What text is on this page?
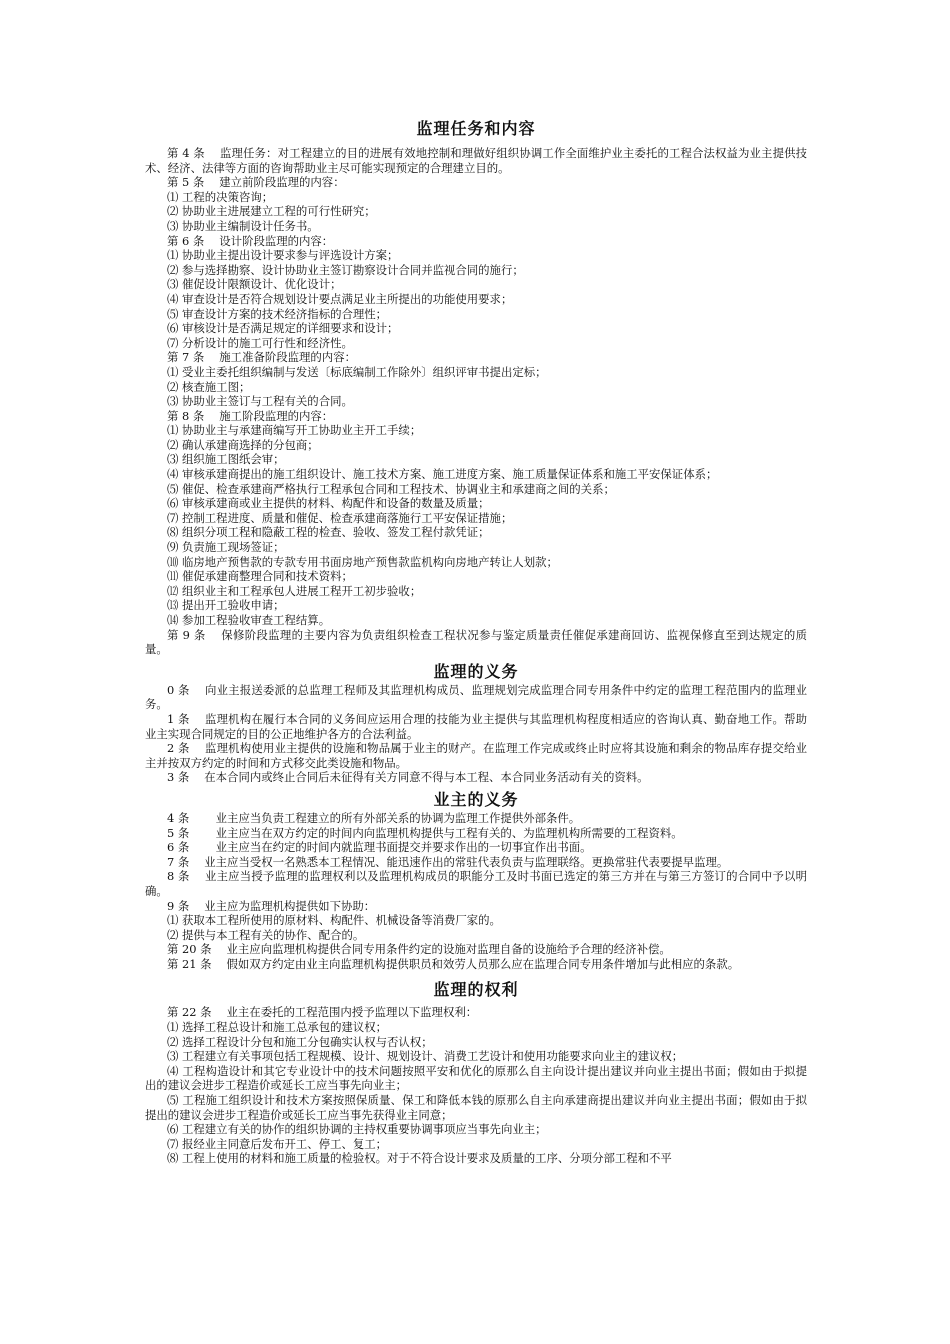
监理任务和内容

第 4 条　 监理任务：对工程建立的目的进展有效地控制和理做好组织协调工作全面维护业主委托的工程合法权益为业主提供技术、经济、法律等方面的咨询帮助业主尽可能实现预定的合理建立目的。

第 5 条　 建立前阶段监理的内容：

⑴ 工程的决策咨询；

⑵ 协助业主进展建立工程的可行性研究；

⑶ 协助业主编制设计任务书。

第 6 条　 设计阶段监理的内容：

⑴ 协助业主提出设计要求参与评选设计方案；

⑵ 参与选择勘察、设计协助业主签订勘察设计合同并监视合同的施行；

⑶ 催促设计限额设计、优化设计；

⑷ 审查设计是否符合规划设计要点满足业主所提出的功能使用要求；

⑸ 审查设计方案的技术经济指标的合理性；

⑹ 审核设计是否满足规定的详细要求和设计；

⑺ 分析设计的施工可行性和经济性。

第 7 条　 施工准备阶段监理的内容：

⑴ 受业主委托组织编制与发送〔标底编制工作除外〕组织评审书提出定标；

⑵ 核查施工图；

⑶ 协助业主签订与工程有关的合同。

第 8 条　 施工阶段监理的内容：

⑴ 协助业主与承建商编写开工协助业主开工手续；

⑵ 确认承建商选择的分包商；

⑶ 组织施工图纸会审；

⑷ 审核承建商提出的施工组织设计、施工技术方案、施工进度方案、施工质量保证体系和施工平安保证体系；

⑸ 催促、检查承建商严格执行工程承包合同和工程技术、协调业主和承建商之间的关系；

⑹ 审核承建商或业主提供的材料、构配件和设备的数量及质量；

⑺ 控制工程进度、质量和催促、检查承建商落施行工平安保证措施；

⑻ 组织分项工程和隐蔽工程的检查、验收、签发工程付款凭证；

⑼ 负责施工现场签证；

⑽ 临房地产预售款的专款专用书面房地产预售款监机构向房地产转让人划款；

⑾ 催促承建商整理合同和技术资料；

⑿ 组织业主和工程承包人进展工程开工初步验收；

⒀ 提出开工验收申请；

⒁ 参加工程验收审查工程结算。

第 9 条　 保修阶段监理的主要内容为负责组织检查工程状况参与鉴定质量责任催促承建商回访、监视保修直至到达规定的质量。

监理的义务

0 条　 向业主报送委派的总监理工程师及其监理机构成员、监理规划完成监理合同专用条件中约定的监理工程范围内的监理业务。

1 条　 监理机构在履行本合同的义务间应运用合理的技能为业主提供与其监理机构程度相适应的咨询认真、勤奋地工作。帮助业主实现合同规定的目的公正地维护各方的合法利益。

2 条　 监理机构使用业主提供的设施和物品属于业主的财产。在监理工作完成或终止时应将其设施和剩余的物品库存提交给业主并按双方约定的时间和方式移交此类设施和物品。

3 条　 在本合同内或终止合同后未征得有关方同意不得与本工程、本合同业务活动有关的资料。

业主的义务

4 条　　 业主应当负责工程建立的所有外部关系的协调为监理工作提供外部条件。

5 条　　 业主应当在双方约定的时间内向监理机构提供与工程有关的、为监理机构所需要的工程资料。

6 条　　 业主应当在约定的时间内就监理书面提交并要求作出的一切事宜作出书面。

7 条　 业主应当受权一名熟悉本工程情况、能迅速作出的常驻代表负责与监理联络。更换常驻代表要提早监理。

8 条　 业主应当授予监理的监理权利以及监理机构成员的职能分工及时书面已选定的第三方并在与第三方签订的合同中予以明确。

9 条　 业主应为监理机构提供如下协助：

⑴ 获取本工程所使用的原材料、构配件、机械设备等消费厂家的。

⑵ 提供与本工程有关的协作、配合的。

第 20 条　 业主应向监理机构提供合同专用条件约定的设施对监理自备的设施给予合理的经济补偿。

第 21 条　 假如双方约定由业主向监理机构提供职员和效劳人员那么应在监理合同专用条件增加与此相应的条款。

监理的权利

第 22 条　 业主在委托的工程范围内授予监理以下监理权利：

⑴ 选择工程总设计和施工总承包的建议权；

⑵ 选择工程设计分包和施工分包确实认权与否认权；

⑶ 工程建立有关事项包括工程规模、设计、规划设计、消费工艺设计和使用功能要求向业主的建议权；

⑷ 工程构造设计和其它专业设计中的技术问题按照平安和优化的原那么自主向设计提出建议并向业主提出书面；假如由于拟提出的建议会进步工程造价或延长工应当事先向业主；

⑸ 工程施工组织设计和技术方案按照保质量、保工和降低本钱的原那么自主向承建商提出建议并向业主提出书面；假如由于拟提出的建议会进步工程造价或延长工应当事先获得业主同意；

⑹ 工程建立有关的协作的组织协调的主持权重要协调事项应当事先向业主；

⑺ 报经业主同意后发布开工、停工、复工；

⑻ 工程上使用的材料和施工质量的检验权。对于不符合设计要求及质量的工序、分项分部工程和不平
